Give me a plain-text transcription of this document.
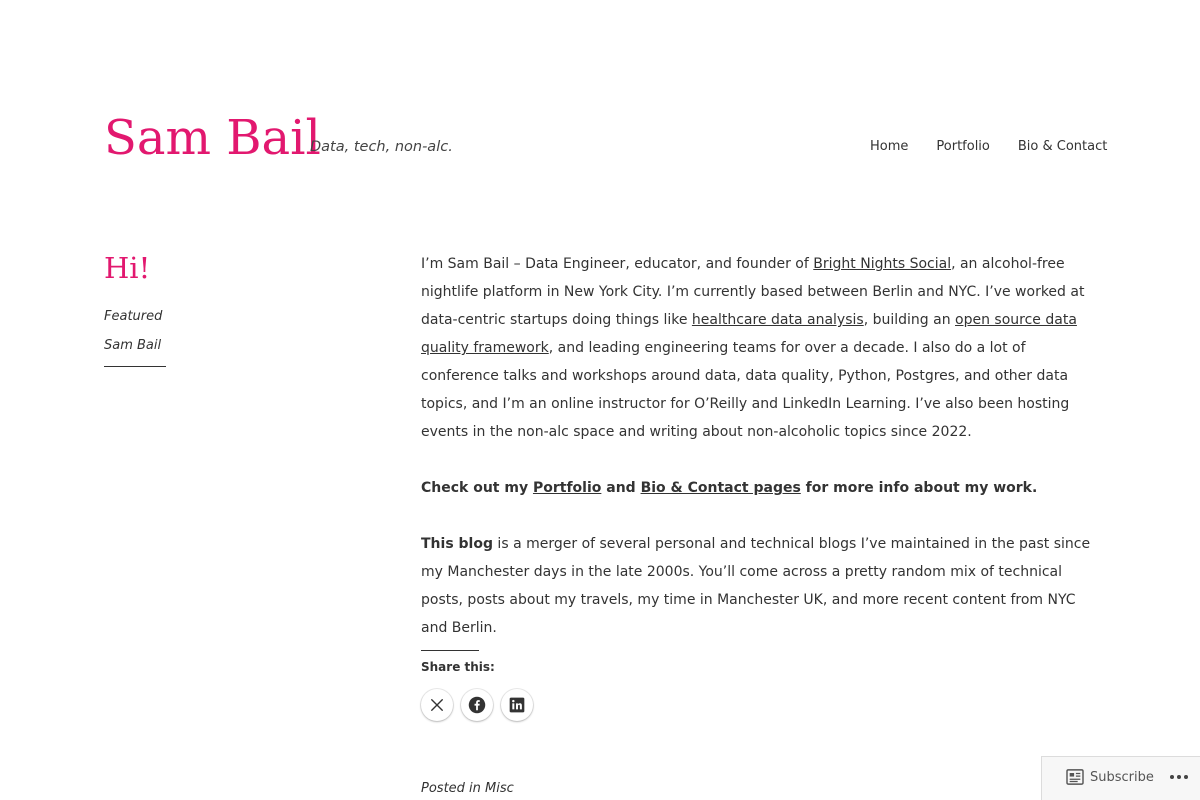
Sam Bail
Data, tech, non-alc.	Home Portfolio Bio & Contact
Hi!
Featured
Sam Bail

I’m Sam Bail – Data Engineer, educator, and founder of Bright Nights Social, an alcohol-free nightlife platform in New York City. I’m currently based between Berlin and NYC. I’ve worked at data-centric startups doing things like healthcare data analysis, building an open source data quality framework, and leading engineering teams for over a decade. I also do a lot of conference talks and workshops around data, data quality, Python, Postgres, and other data topics, and I’m an online instructor for O’Reilly and LinkedIn Learning. I’ve also been hosting events in the non-alc space and writing about non-alcoholic topics since 2022.

Check out my Portfolio and Bio & Contact pages for more info about my work.

This blog is a merger of several personal and technical blogs I’ve maintained in the past since my Manchester days in the late 2000s. You’ll come across a pretty random mix of technical posts, posts about my travels, my time in Manchester UK, and more recent content from NYC and Berlin.

Share this:
Posted in Misc
Subscribe
